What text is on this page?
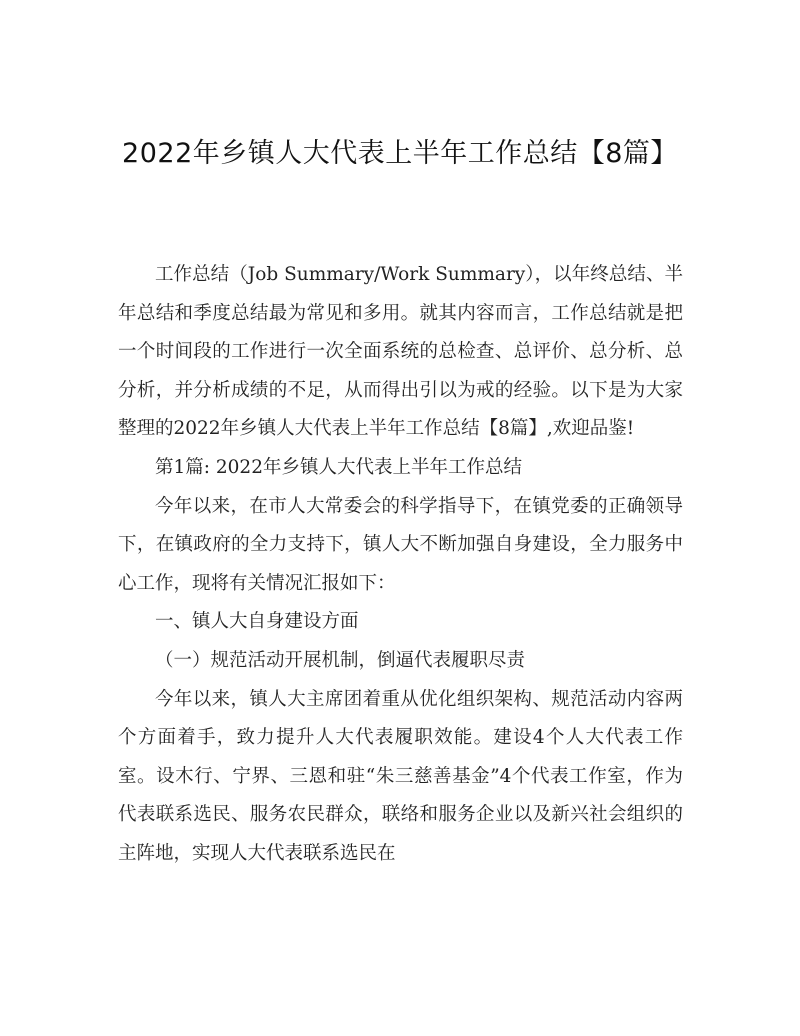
2022年乡镇人大代表上半年工作总结【8篇】

工作总结（Job Summary/Work Summary），以年终总结、半年总结和季度总结最为常见和多用。就其内容而言，工作总结就是把一个时间段的工作进行一次全面系统的总检查、总评价、总分析、总分析，并分析成绩的不足，从而得出引以为戒的经验。以下是为大家整理的2022年乡镇人大代表上半年工作总结【8篇】,欢迎品鉴!

第1篇: 2022年乡镇人大代表上半年工作总结

今年以来，在市人大常委会的科学指导下，在镇党委的正确领导下，在镇政府的全力支持下，镇人大不断加强自身建设，全力服务中心工作，现将有关情况汇报如下：

一、镇人大自身建设方面

（一）规范活动开展机制，倒逼代表履职尽责

今年以来，镇人大主席团着重从优化组织架构、规范活动内容两个方面着手，致力提升人大代表履职效能。建设4个人大代表工作室。设木行、宁界、三恩和驻“朱三慈善基金”4个代表工作室，作为代表联系选民、服务农民群众，联络和服务企业以及新兴社会组织的主阵地，实现人大代表联系选民在
